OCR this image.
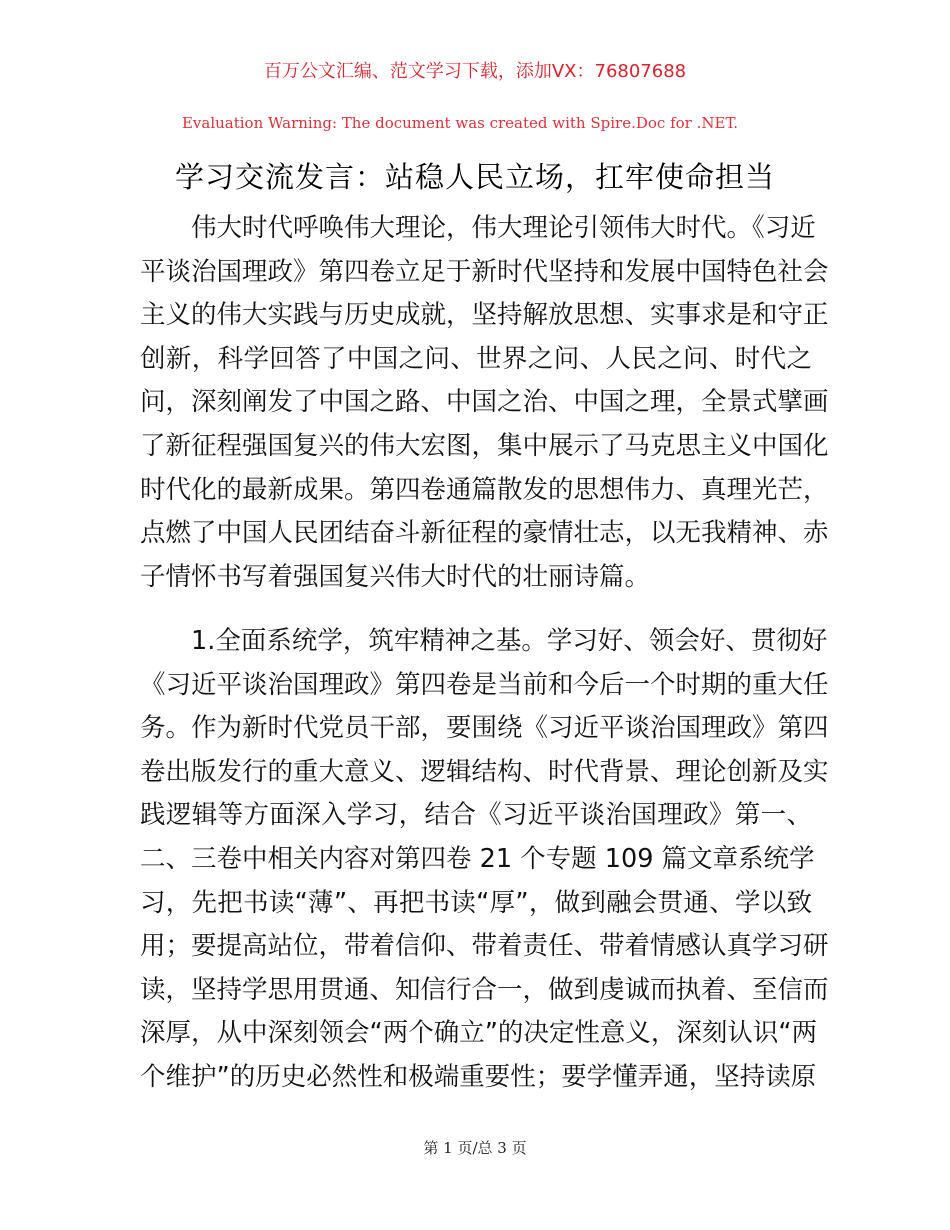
百万公文汇编、范文学习下载，添加VX：76807688
Evaluation Warning: The document was created with Spire.Doc for .NET.
学习交流发言：站稳人民立场，扛牢使命担当
　　伟大时代呼唤伟大理论，伟大理论引领伟大时代。《习近
平谈治国理政》第四卷立足于新时代坚持和发展中国特色社会
主义的伟大实践与历史成就，坚持解放思想、实事求是和守正
创新，科学回答了中国之问、世界之问、人民之问、时代之
问，深刻阐发了中国之路、中国之治、中国之理，全景式擘画
了新征程强国复兴的伟大宏图，集中展示了马克思主义中国化
时代化的最新成果。第四卷通篇散发的思想伟力、真理光芒，
点燃了中国人民团结奋斗新征程的豪情壮志，以无我精神、赤
子情怀书写着强国复兴伟大时代的壮丽诗篇。
　　1.全面系统学，筑牢精神之基。学习好、领会好、贯彻好
《习近平谈治国理政》第四卷是当前和今后一个时期的重大任
务。作为新时代党员干部，要围绕《习近平谈治国理政》第四
卷出版发行的重大意义、逻辑结构、时代背景、理论创新及实
践逻辑等方面深入学习，结合《习近平谈治国理政》第一、
二、三卷中相关内容对第四卷 21 个专题 109 篇文章系统学
习，先把书读“薄”、再把书读“厚”，做到融会贯通、学以致
用；要提高站位，带着信仰、带着责任、带着情感认真学习研
读，坚持学思用贯通、知信行合一，做到虔诚而执着、至信而
深厚，从中深刻领会“两个确立”的决定性意义，深刻认识“两
个维护”的历史必然性和极端重要性；要学懂弄通，坚持读原
第 1 页/总 3 页
